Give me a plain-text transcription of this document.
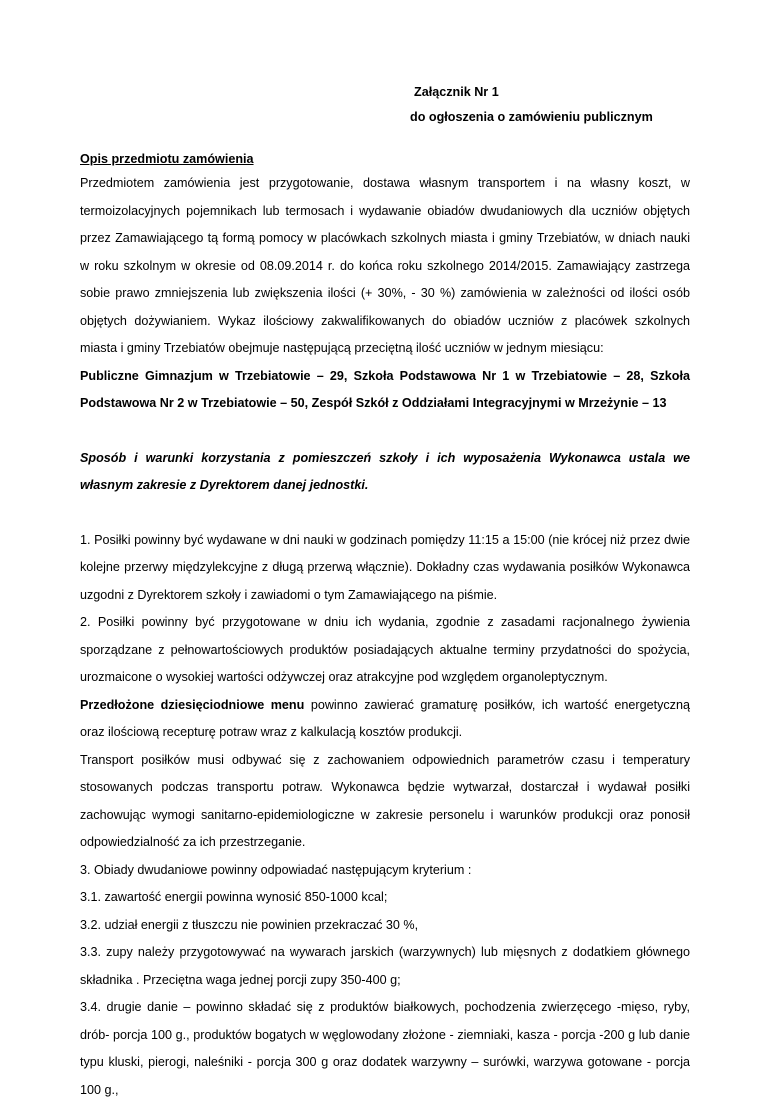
Załącznik Nr 1
do ogłoszenia o zamówieniu publicznym
Opis przedmiotu zamówienia

Przedmiotem zamówienia jest przygotowanie, dostawa własnym transportem i na własny koszt, w termoizolacyjnych pojemnikach lub termosach i wydawanie obiadów dwudaniowych dla uczniów objętych przez Zamawiającego tą formą pomocy w placówkach szkolnych miasta i gminy Trzebiatów, w dniach nauki w roku szkolnym w okresie od 08.09.2014 r. do końca roku szkolnego 2014/2015. Zamawiający zastrzega sobie prawo zmniejszenia lub zwiększenia ilości (+ 30%, - 30 %) zamówienia w zależności od ilości osób objętych dożywianiem. Wykaz ilościowy zakwalifikowanych do obiadów uczniów z placówek szkolnych miasta i gminy Trzebiatów obejmuje następującą przeciętną ilość uczniów w jednym miesiącu:

Publiczne Gimnazjum w Trzebiatowie – 29, Szkoła Podstawowa Nr 1 w Trzebiatowie – 28, Szkoła Podstawowa Nr 2 w Trzebiatowie – 50, Zespół Szkół z Oddziałami Integracyjnymi w Mrzeżynie – 13

Sposób i warunki korzystania z pomieszczeń szkoły i ich wyposażenia Wykonawca ustala we własnym zakresie z Dyrektorem danej jednostki.

1. Posiłki powinny być wydawane w dni nauki w godzinach pomiędzy 11:15 a 15:00 (nie krócej niż przez dwie kolejne przerwy międzylekcyjne z długą przerwą włącznie). Dokładny czas wydawania posiłków Wykonawca uzgodni z Dyrektorem szkoły i zawiadomi o tym Zamawiającego na piśmie.

2. Posiłki powinny być przygotowane w dniu ich wydania, zgodnie z zasadami racjonalnego żywienia sporządzane z pełnowartościowych produktów posiadających aktualne terminy przydatności do spożycia, urozmaicone o wysokiej wartości odżywczej oraz atrakcyjne pod względem organoleptycznym.

Przedłożone dziesięciodniowe menu powinno zawierać gramaturę posiłków, ich wartość energetyczną oraz ilościową recepturę potraw wraz z kalkulacją kosztów produkcji.

Transport posiłków musi odbywać się z zachowaniem odpowiednich parametrów czasu i temperatury stosowanych podczas transportu potraw. Wykonawca będzie wytwarzał, dostarczał i wydawał posiłki zachowując wymogi sanitarno-epidemiologiczne w zakresie personelu i warunków produkcji oraz ponosił odpowiedzialność za ich przestrzeganie.

3. Obiady dwudaniowe powinny odpowiadać następującym kryterium :

3.1. zawartość energii powinna wynosić 850-1000 kcal;

3.2. udział energii z tłuszczu nie powinien przekraczać 30 %,

3.3. zupy należy przygotowywać na wywarach jarskich (warzywnych) lub mięsnych z dodatkiem głównego składnika . Przeciętna waga jednej porcji zupy 350-400 g;

3.4. drugie danie – powinno składać się z produktów białkowych, pochodzenia zwierzęcego -mięso, ryby, drób- porcja 100 g., produktów bogatych w węglowodany złożone - ziemniaki, kasza - porcja -200 g lub danie typu kluski, pierogi, naleśniki - porcja 300 g oraz dodatek warzywny – surówki, warzywa gotowane - porcja 100 g.,
